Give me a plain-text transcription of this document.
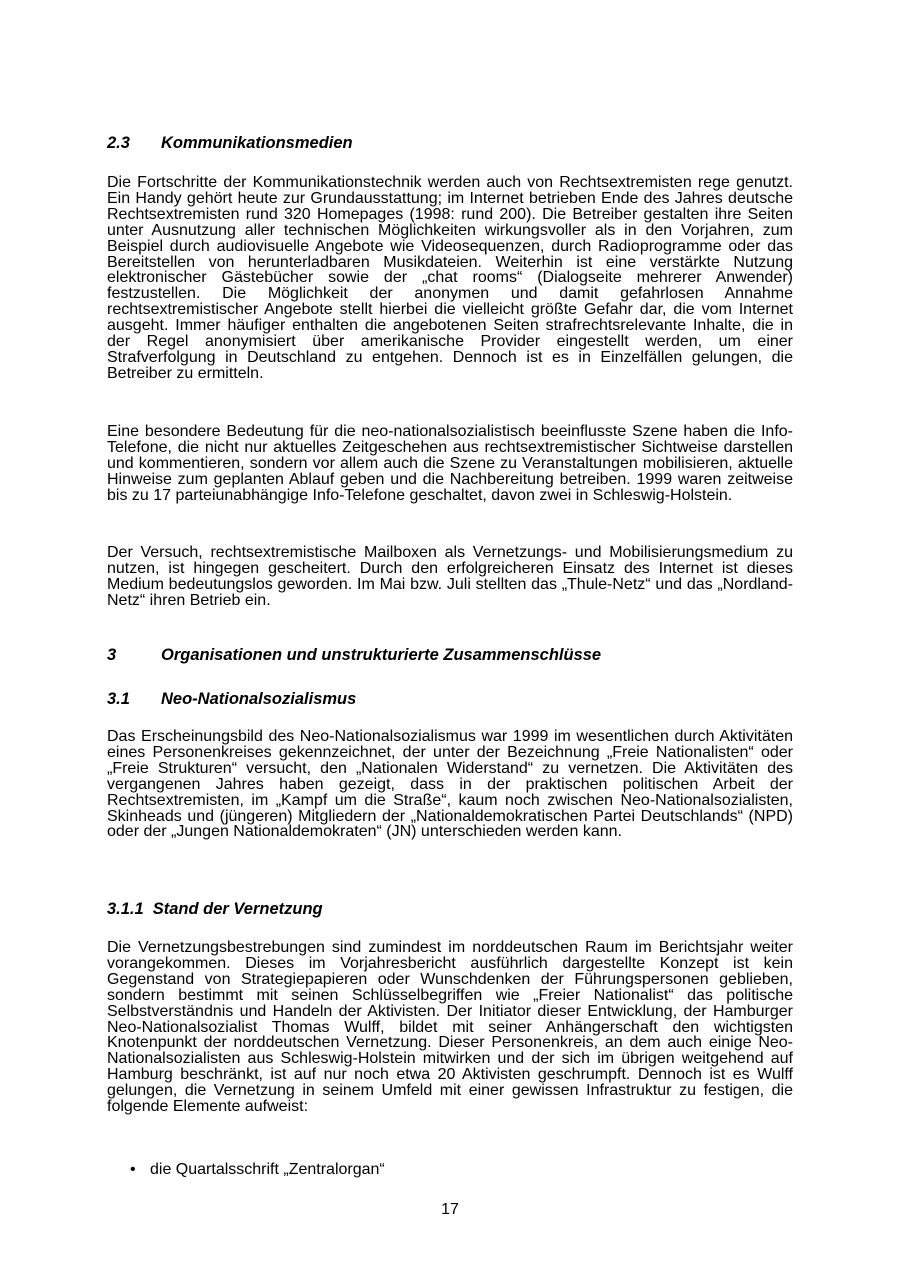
2.3 Kommunikationsmedien

Die Fortschritte der Kommunikationstechnik werden auch von Rechtsextremisten rege genutzt. Ein Handy gehört heute zur Grundausstattung; im Internet betrieben Ende des Jahres deutsche Rechtsextremisten rund 320 Homepages (1998: rund 200). Die Betreiber gestalten ihre Seiten unter Ausnutzung aller technischen Möglichkeiten wirkungsvoller als in den Vorjahren, zum Beispiel durch audiovisuelle Angebote wie Videosequenzen, durch Radioprogramme oder das Bereitstellen von herunterladbaren Musikdateien. Weiterhin ist eine verstärkte Nutzung elektronischer Gästebücher sowie der „chat rooms“ (Dialogseite mehrerer Anwender) festzustellen. Die Möglichkeit der anonymen und damit gefahrlosen Annahme rechtsextremistischer Angebote stellt hierbei die vielleicht größte Gefahr dar, die vom Internet ausgeht. Immer häufiger enthalten die angebotenen Seiten strafrechtsrelevante Inhalte, die in der Regel anonymisiert über amerikanische Provider eingestellt werden, um einer Strafverfolgung in Deutschland zu entgehen. Dennoch ist es in Einzelfällen gelungen, die Betreiber zu ermitteln.

Eine besondere Bedeutung für die neo-nationalsozialistisch beeinflusste Szene haben die Info-Telefone, die nicht nur aktuelles Zeitgeschehen aus rechtsextremistischer Sichtweise darstellen und kommentieren, sondern vor allem auch die Szene zu Veranstaltungen mobilisieren, aktuelle Hinweise zum geplanten Ablauf geben und die Nachbereitung betreiben. 1999 waren zeitweise bis zu 17 parteiunabhängige Info-Telefone geschaltet, davon zwei in Schleswig-Holstein.

Der Versuch, rechtsextremistische Mailboxen als Vernetzungs- und Mobilisierungsmedium zu nutzen, ist hingegen gescheitert. Durch den erfolgreicheren Einsatz des Internet ist dieses Medium bedeutungslos geworden. Im Mai bzw. Juli stellten das „Thule-Netz“ und das „Nordland-Netz“ ihren Betrieb ein.

3	Organisationen und unstrukturierte Zusammenschlüsse
3.1 Neo-Nationalsozialismus

Das Erscheinungsbild des Neo-Nationalsozialismus war 1999 im wesentlichen durch Aktivitäten eines Personenkreises gekennzeichnet, der unter der Bezeichnung „Freie Nationalisten“ oder „Freie Strukturen“ versucht, den „Nationalen Widerstand“ zu vernetzen. Die Aktivitäten des vergangenen Jahres haben gezeigt, dass in der praktischen politischen Arbeit der Rechtsextremisten, im „Kampf um die Straße“, kaum noch zwischen Neo-Nationalsozialisten, Skinheads und (jüngeren) Mitgliedern der „Nationaldemokratischen Partei Deutschlands“ (NPD) oder der „Jungen Nationaldemokraten“ (JN) unterschieden werden kann.

3.1.1 Stand der Vernetzung

Die Vernetzungsbestrebungen sind zumindest im norddeutschen Raum im Berichtsjahr weiter vorangekommen. Dieses im Vorjahresbericht ausführlich dargestellte Konzept ist kein Gegenstand von Strategiepapieren oder Wunschdenken der Führungspersonen geblieben, sondern bestimmt mit seinen Schlüsselbegriffen wie „Freier Nationalist“ das politische Selbstverständnis und Handeln der Aktivisten. Der Initiator dieser Entwicklung, der Hamburger Neo-Nationalsozialist Thomas Wulff, bildet mit seiner Anhängerschaft den wichtigsten Knotenpunkt der norddeutschen Vernetzung. Dieser Personenkreis, an dem auch einige Neo-Nationalsozialisten aus Schleswig-Holstein mitwirken und der sich im übrigen weitgehend auf Hamburg beschränkt, ist auf nur noch etwa 20 Aktivisten geschrumpft. Dennoch ist es Wulff gelungen, die Vernetzung in seinem Umfeld mit einer gewissen Infrastruktur zu festigen, die folgende Elemente aufweist:

• die Quartalsschrift „Zentralorgan“
17
